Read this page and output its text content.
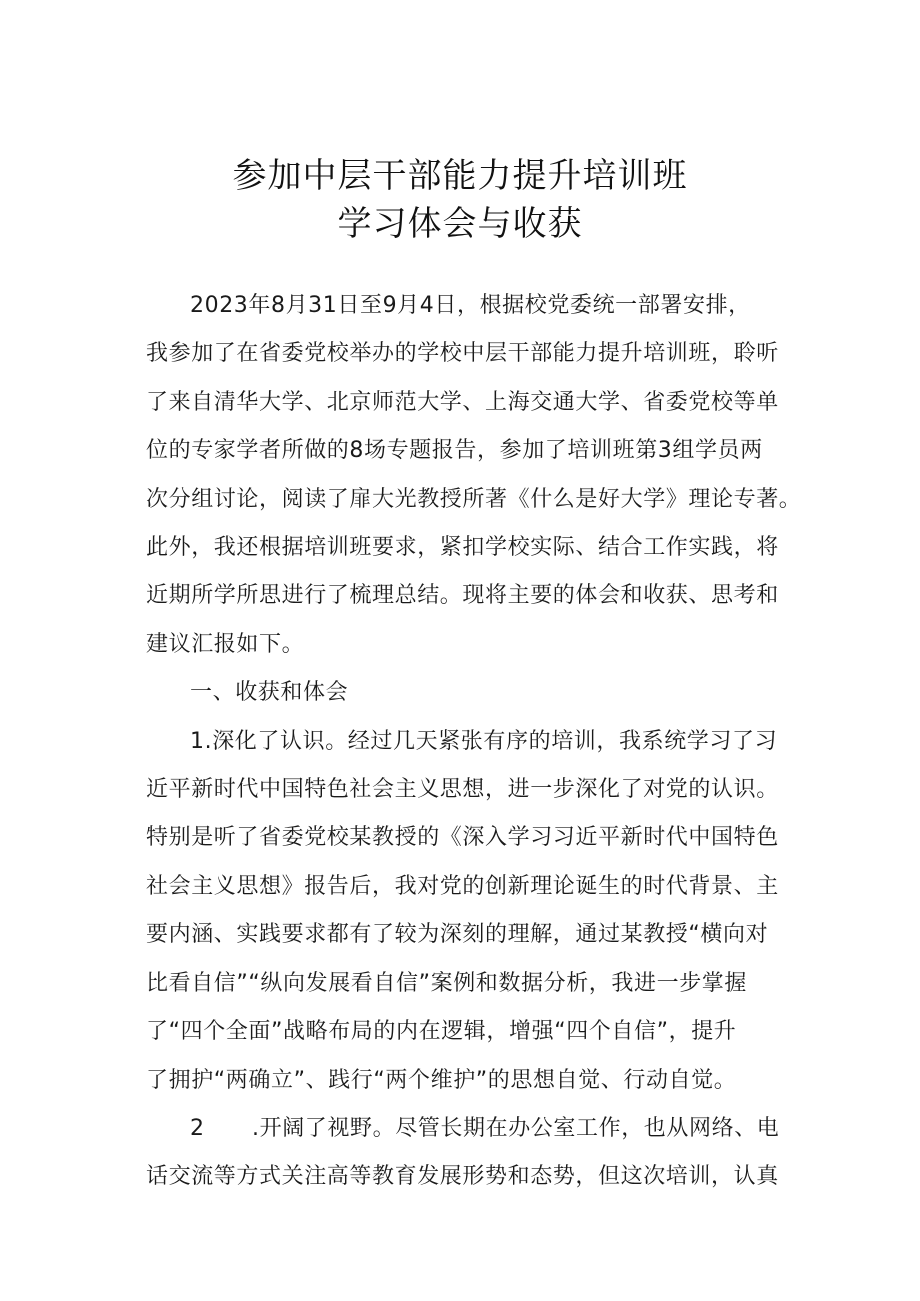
参加中层干部能力提升培训班
学习体会与收获
2023年8月31日至9月4日，根据校党委统一部署安排，
我参加了在省委党校举办的学校中层干部能力提升培训班，聆听
了来自清华大学、北京师范大学、上海交通大学、省委党校等单
位的专家学者所做的8场专题报告，参加了培训班第3组学员两
次分组讨论，阅读了扉大光教授所著《什么是好大学》理论专著。
此外，我还根据培训班要求，紧扣学校实际、结合工作实践，将
近期所学所思进行了梳理总结。现将主要的体会和收获、思考和
建议汇报如下。
一、收获和体会
1.深化了认识。经过几天紧张有序的培训，我系统学习了习
近平新时代中国特色社会主义思想，进一步深化了对党的认识。
特别是听了省委党校某教授的《深入学习习近平新时代中国特色
社会主义思想》报告后，我对党的创新理论诞生的时代背景、主
要内涵、实践要求都有了较为深刻的理解，通过某教授“横向对
比看自信”“纵向发展看自信”案例和数据分析，我进一步掌握
了“四个全面”战略布局的内在逻辑，增强“四个自信”，提升
了拥护“两确立”、践行“两个维护”的思想自觉、行动自觉。
2 .开阔了视野。尽管长期在办公室工作，也从网络、电
话交流等方式关注高等教育发展形势和态势，但这次培训，认真
